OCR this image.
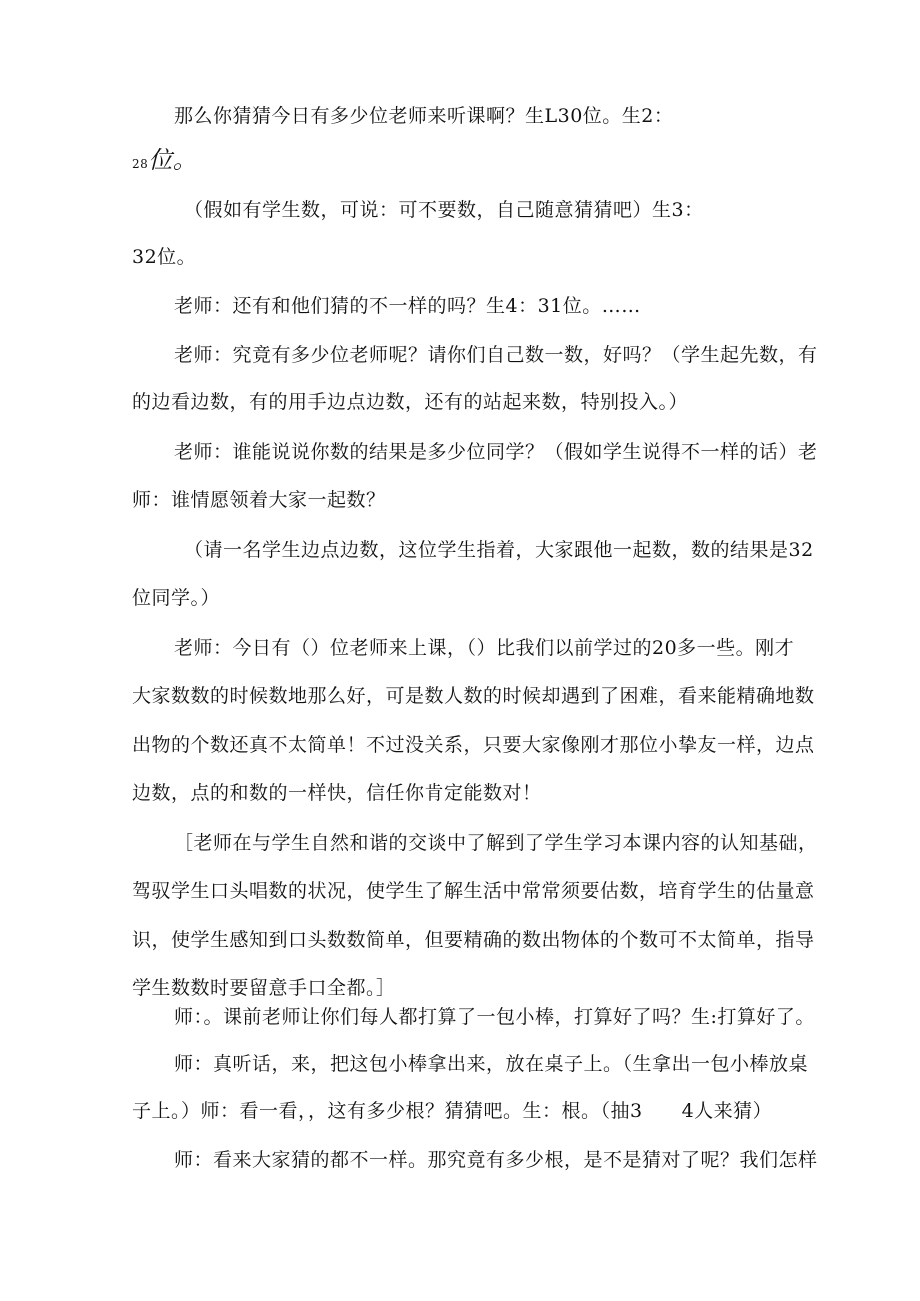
那么你猜猜今日有多少位老师来听课啊？生L30位。生2：
28位。
（假如有学生数，可说：可不要数，自己随意猜猜吧）生3：
32位。
老师：还有和他们猜的不一样的吗？生4：31位。……
老师：究竟有多少位老师呢？请你们自己数一数，好吗？（学生起先数，有
的边看边数，有的用手边点边数，还有的站起来数，特别投入。）
老师：谁能说说你数的结果是多少位同学？（假如学生说得不一样的话）老
师：谁情愿领着大家一起数？
（请一名学生边点边数，这位学生指着，大家跟他一起数，数的结果是32
位同学。）
老师：今日有（）位老师来上课，（）比我们以前学过的20多一些。刚才
大家数数的时候数地那么好，可是数人数的时候却遇到了困难，看来能精确地数
出物的个数还真不太简单！不过没关系，只要大家像刚才那位小挚友一样，边点
边数，点的和数的一样快，信任你肯定能数对！
［老师在与学生自然和谐的交谈中了解到了学生学习本课内容的认知基础，
驾驭学生口头唱数的状况，使学生了解生活中常常须要估数，培育学生的估量意
识，使学生感知到口头数数简单，但要精确的数出物体的个数可不太简单，指导
学生数数时要留意手口全都。］
师：。课前老师让你们每人都打算了一包小棒，打算好了吗？生:打算好了。
师：真听话，来，把这包小棒拿出来，放在桌子上。（生拿出一包小棒放桌
子上。）师：看一看，，这有多少根？猜猜吧。生：根。（抽3　　4人来猜）
师：看来大家猜的都不一样。那究竟有多少根，是不是猜对了呢？我们怎样
